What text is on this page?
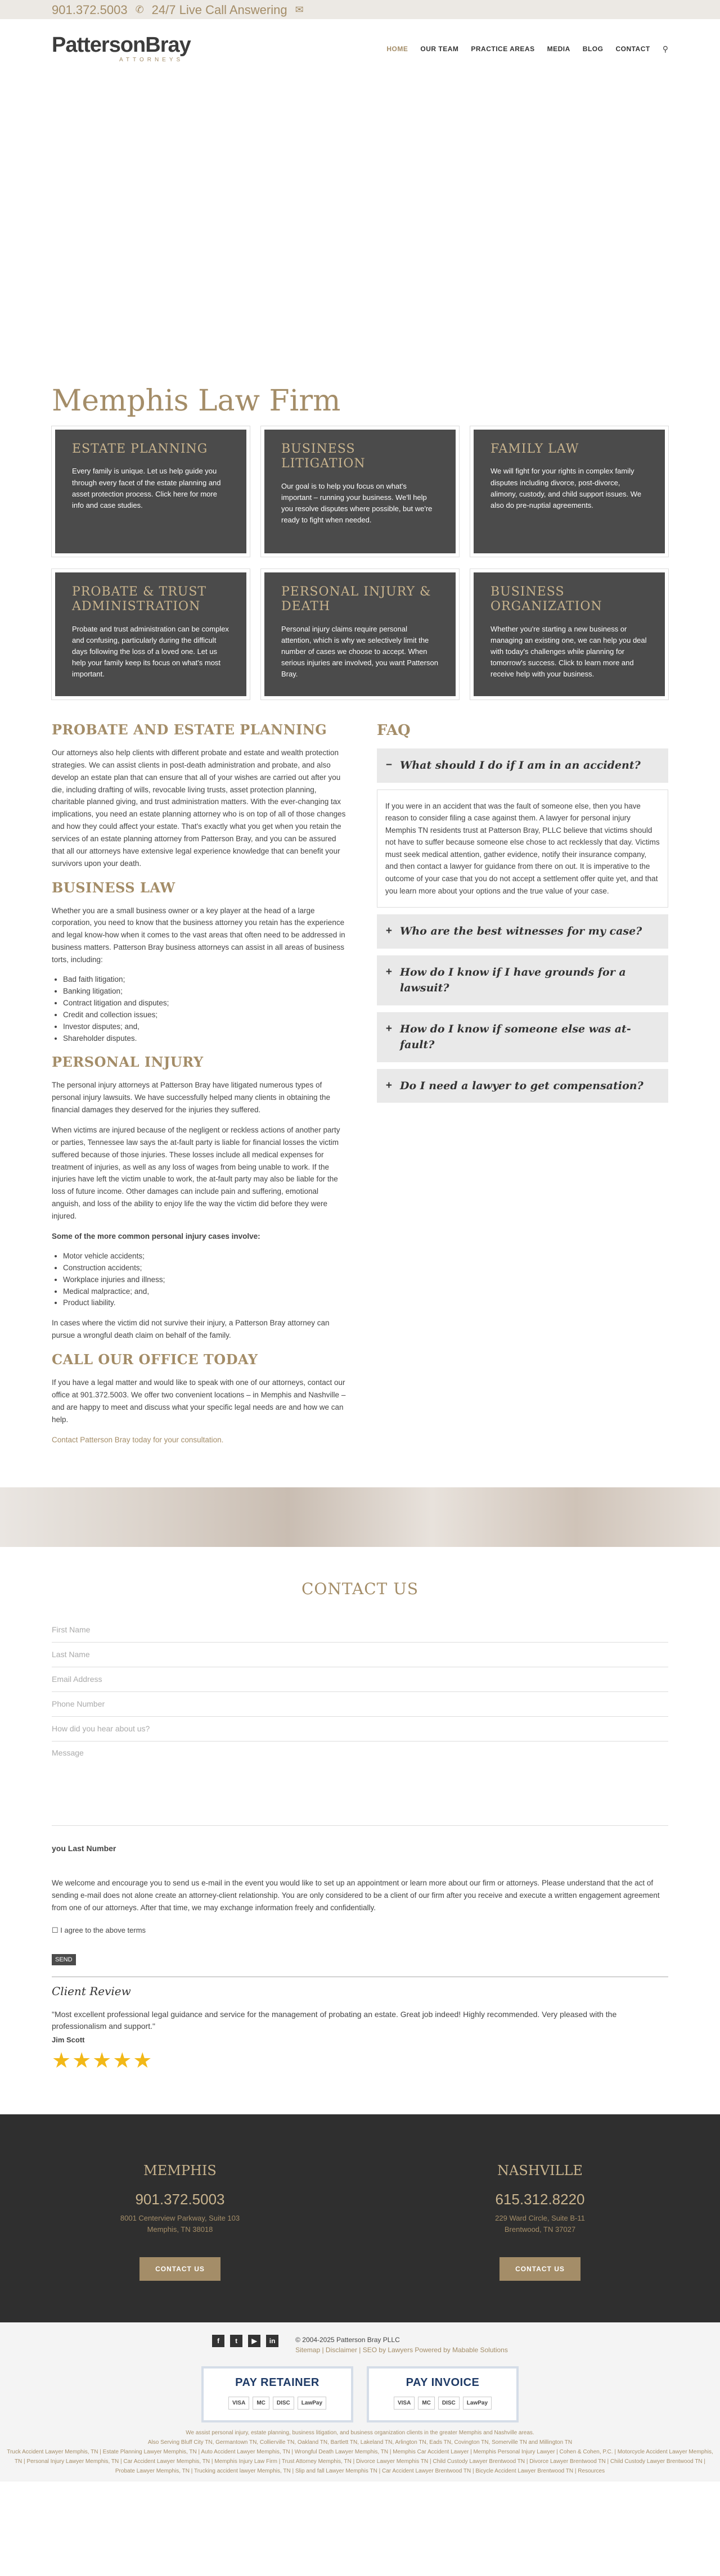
901.372.5003 ✆ 24/7 Live Call Answering ✉
PattersonBray
ATTORNEYS
HOME OUR TEAM PRACTICE AREAS MEDIA BLOG CONTACT ⚲
Memphis Law Firm
ESTATE PLANNING

Every family is unique. Let us help guide you through every facet of the estate planning and asset protection process. Click here for more info and case studies.

BUSINESS LITIGATION

Our goal is to help you focus on what's important – running your business. We'll help you resolve disputes where possible, but we're ready to fight when needed.

FAMILY LAW

We will fight for your rights in complex family disputes including divorce, post-divorce, alimony, custody, and child support issues. We also do pre-nuptial agreements.

PROBATE & TRUST ADMINISTRATION

Probate and trust administration can be complex and confusing, particularly during the difficult days following the loss of a loved one. Let us help your family keep its focus on what's most important.

PERSONAL INJURY & DEATH

Personal injury claims require personal attention, which is why we selectively limit the number of cases we choose to accept. When serious injuries are involved, you want Patterson Bray.

BUSINESS ORGANIZATION

Whether you're starting a new business or managing an existing one, we can help you deal with today's challenges while planning for tomorrow's success. Click to learn more and receive help with your business.

PROBATE AND ESTATE PLANNING

Our attorneys also help clients with different probate and estate and wealth protection strategies. We can assist clients in post-death administration and probate, and also develop an estate plan that can ensure that all of your wishes are carried out after you die, including drafting of wills, revocable living trusts, asset protection planning, charitable planned giving, and trust administration matters. With the ever-changing tax implications, you need an estate planning attorney who is on top of all of those changes and how they could affect your estate. That's exactly what you get when you retain the services of an estate planning attorney from Patterson Bray, and you can be assured that all our attorneys have extensive legal experience knowledge that can benefit your survivors upon your death.

BUSINESS LAW

Whether you are a small business owner or a key player at the head of a large corporation, you need to know that the business attorney you retain has the experience and legal know-how when it comes to the vast areas that often need to be addressed in business matters. Patterson Bray business attorneys can assist in all areas of business torts, including:

• Bad faith litigation;
• Banking litigation;
• Contract litigation and disputes;
• Credit and collection issues;
• Investor disputes; and,
• Shareholder disputes.
PERSONAL INJURY

The personal injury attorneys at Patterson Bray have litigated numerous types of personal injury lawsuits. We have successfully helped many clients in obtaining the financial damages they deserved for the injuries they suffered.

When victims are injured because of the negligent or reckless actions of another party or parties, Tennessee law says the at-fault party is liable for financial losses the victim suffered because of those injuries. These losses include all medical expenses for treatment of injuries, as well as any loss of wages from being unable to work. If the injuries have left the victim unable to work, the at-fault party may also be liable for the loss of future income. Other damages can include pain and suffering, emotional anguish, and loss of the ability to enjoy life the way the victim did before they were injured.

Some of the more common personal injury cases involve:

• Motor vehicle accidents;
• Construction accidents;
• Workplace injuries and illness;
• Medical malpractice; and,
• Product liability.

In cases where the victim did not survive their injury, a Patterson Bray attorney can pursue a wrongful death claim on behalf of the family.

CALL OUR OFFICE TODAY

If you have a legal matter and would like to speak with one of our attorneys, contact our office at 901.372.5003. We offer two convenient locations – in Memphis and Nashville – and are happy to meet and discuss what your specific legal needs are and how we can help.

Contact Patterson Bray today for your consultation.

FAQ
− What should I do if I am in an accident?
If you were in an accident that was the fault of someone else, then you have reason to consider filing a case against them. A lawyer for personal injury Memphis TN residents trust at Patterson Bray, PLLC believe that victims should not have to suffer because someone else chose to act recklessly that day. Victims must seek medical attention, gather evidence, notify their insurance company, and then contact a lawyer for guidance from there on out. It is imperative to the outcome of your case that you do not accept a settlement offer quite yet, and that you learn more about your options and the true value of your case.
+ Who are the best witnesses for my case?
+ How do I know if I have grounds for a lawsuit?
+ How do I know if someone else was at-fault?
+ Do I need a lawyer to get compensation?
CONTACT US
First Name
Last Name
Email Address
Phone Number
How did you hear about us?
Message
you Last Number

We welcome and encourage you to send us e-mail in the event you would like to set up an appointment or learn more about our firm or attorneys. Please understand that the act of sending e-mail does not alone create an attorney-client relationship. You are only considered to be a client of our firm after you receive and execute a written engagement agreement from one of our attorneys. After that time, we may exchange information freely and confidentially.

☐ I agree to the above terms
SEND
Client Review

"Most excellent professional legal guidance and service for the management of probating an estate. Great job indeed! Highly recommended. Very pleased with the professionalism and support."

Jim Scott
★★★★★
MEMPHIS
901.372.5003
8001 Centerview Parkway, Suite 103
Memphis, TN 38018
CONTACT US
NASHVILLE
615.312.8220
229 Ward Circle, Suite B-11
Brentwood, TN 37027
CONTACT US
f	t	▶	in	© 2004-2025 Patterson Bray PLLC
Sitemap | Disclaimer | SEO by Lawyers Powered by Mabable Solutions
PAY RETAINER
VISA	MC	DISC	LawPay
PAY INVOICE
VISA	MC	DISC	LawPay
We assist personal injury, estate planning, business litigation, and business organization clients in the greater Memphis and Nashville areas.
Also Serving Bluff City TN, Germantown TN, Collierville TN, Oakland TN, Bartlett TN, Lakeland TN, Arlington TN, Eads TN, Covington TN, Somerville TN and Millington TN
Truck Accident Lawyer Memphis, TN | Estate Planning Lawyer Memphis, TN | Auto Accident Lawyer Memphis, TN | Wrongful Death Lawyer Memphis, TN | Memphis Car Accident Lawyer | Memphis Personal Injury Lawyer | Cohen & Cohen, P.C. | Motorcycle Accident Lawyer Memphis, TN | Personal Injury Lawyer Memphis, TN | Car Accident Lawyer Memphis, TN | Memphis Injury Law Firm | Trust Attorney Memphis, TN | Divorce Lawyer Memphis TN | Child Custody Lawyer Brentwood TN | Divorce Lawyer Brentwood TN | Child Custody Lawyer Brentwood TN | Probate Lawyer Memphis, TN | Trucking accident lawyer Memphis, TN | Slip and fall Lawyer Memphis TN | Car Accident Lawyer Brentwood TN | Bicycle Accident Lawyer Brentwood TN | Resources
